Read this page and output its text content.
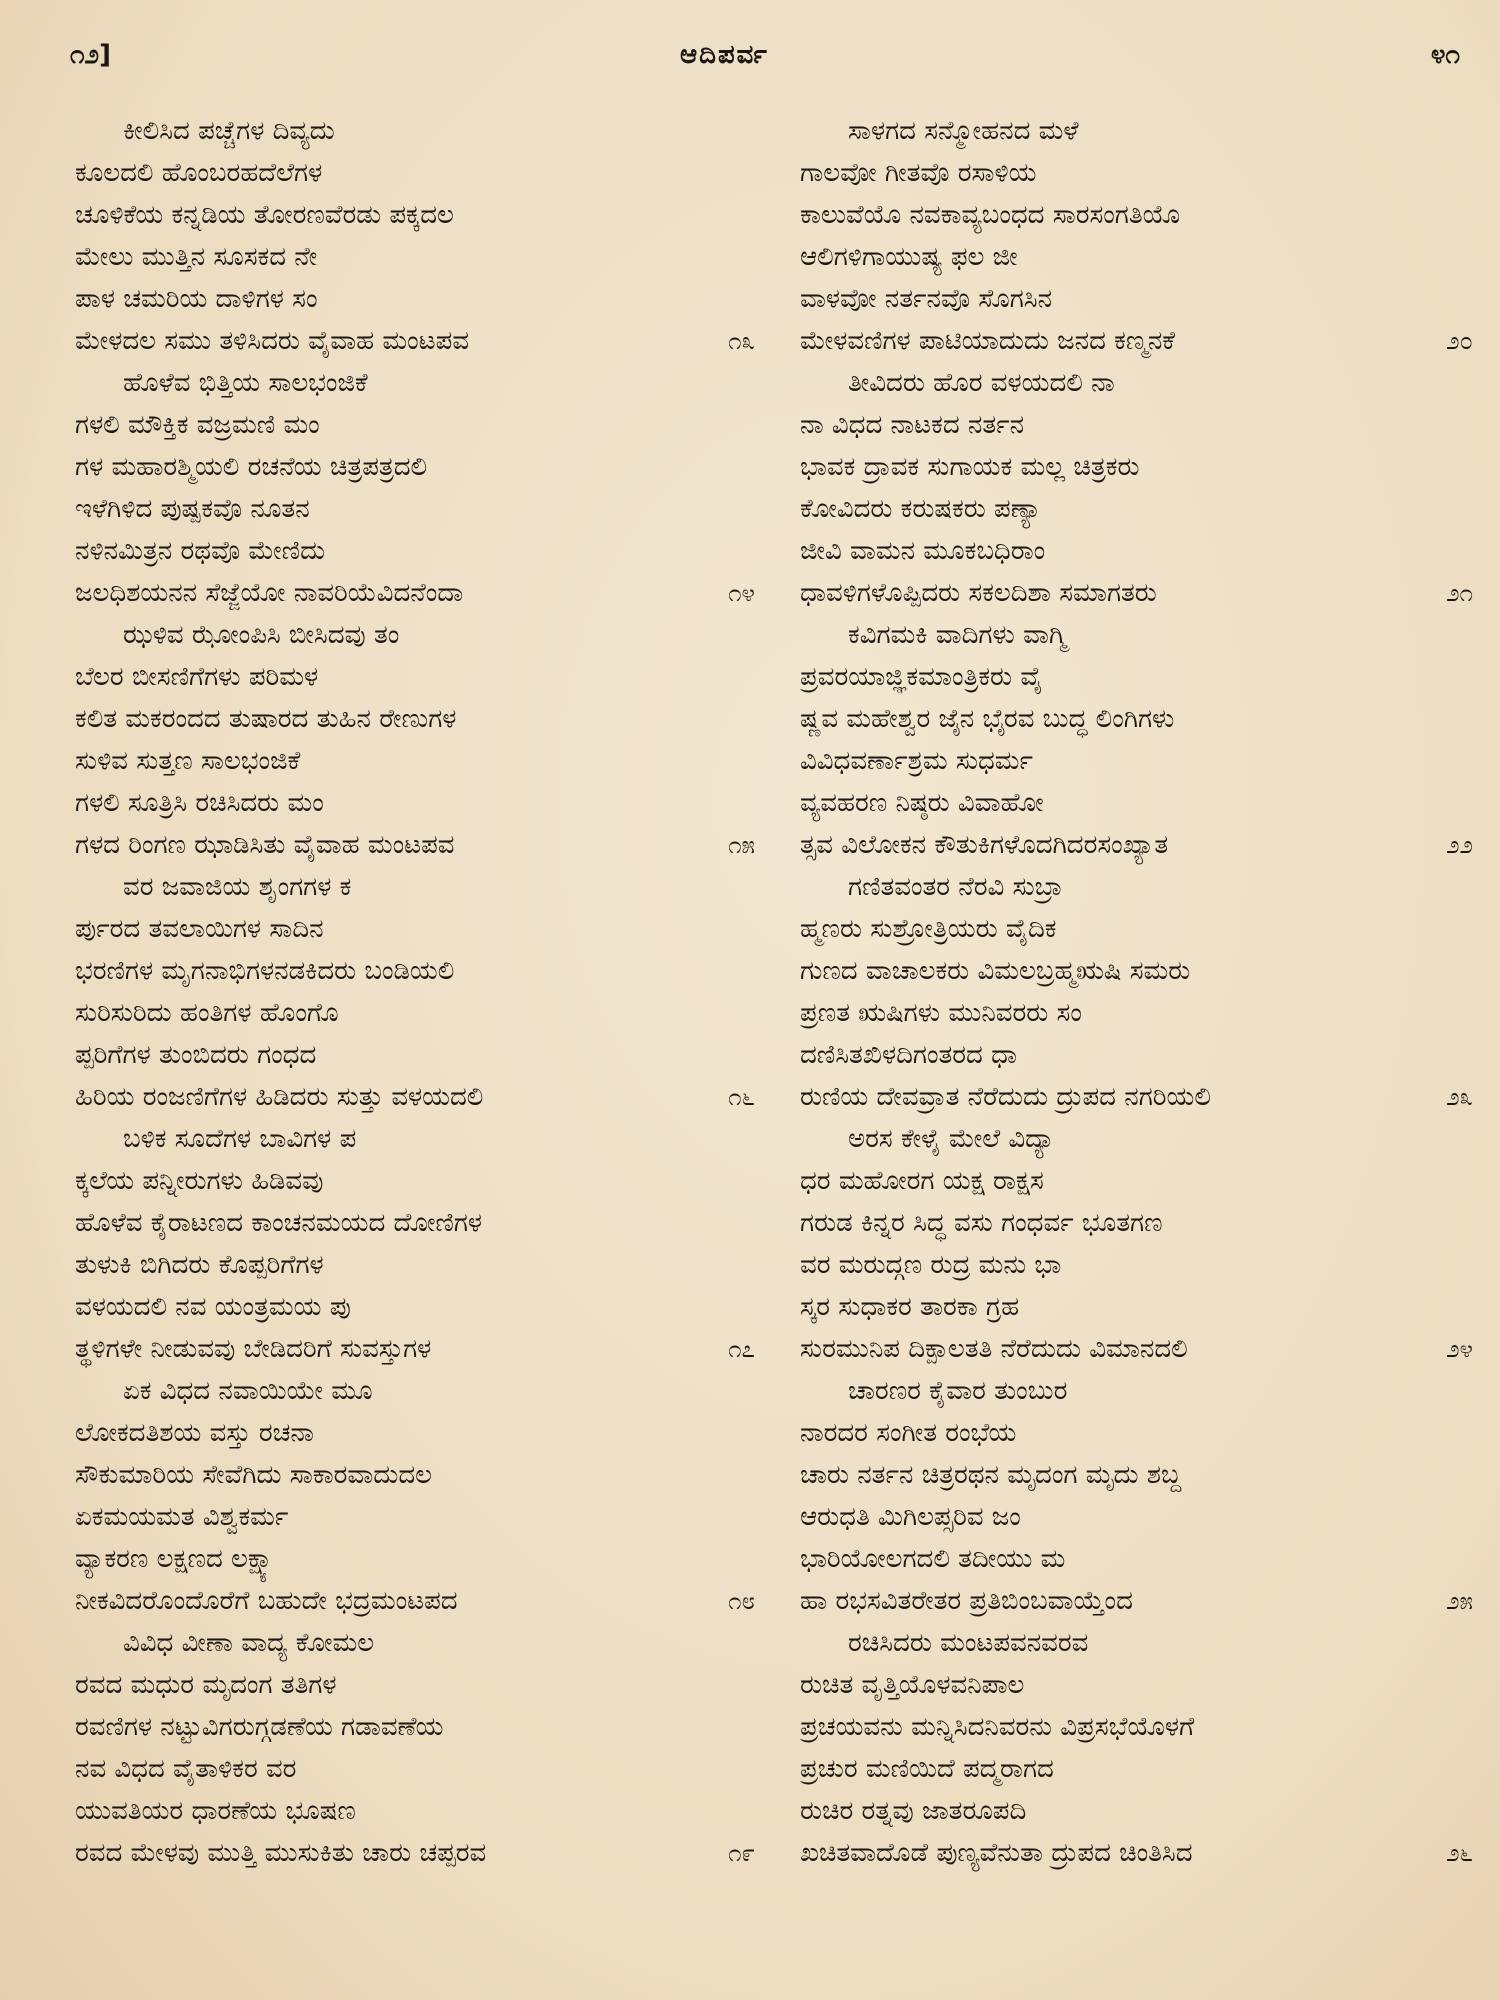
೧೨]	ಆದಿಪರ್ವ	೪೧
ಕೀಲಿಸಿದ ಪಚ್ಚೆಗಳ ದಿವ್ಯದು
ಕೂಲದಲಿ ಹೊಂಬರಹದೆಲೆಗಳ
ಚೂಳಿಕೆಯ ಕನ್ನಡಿಯ ತೋರಣವೆರಡು ಪಕ್ಕದಲ
ಮೇಲು ಮುತ್ತಿನ ಸೂಸಕದ ನೇ
ಪಾಳ ಚಮರಿಯ ದಾಳಿಗಳ ಸಂ
ಮೇಳದಲ ಸಮು ತಳಿಸಿದರು ವೈವಾಹ ಮಂಟಪವ	೧೩
ಹೊಳೆವ ಭಿತ್ತಿಯ ಸಾಲಭಂಜಿಕೆ
ಗಳಲಿ ಮೌಕ್ತಿಕ ವಜ್ರಮಣಿ ಮಂ
ಗಳ ಮಹಾರಶ್ಮಿಯಲಿ ರಚನೆಯ ಚಿತ್ರಪತ್ರದಲಿ
ಇಳೆಗಿಳಿದ ಪುಷ್ಪಕವೊ ನೂತನ
ನಳಿನಮಿತ್ರನ ರಥವೊ ಮೇಣಿದು
ಜಲಧಿಶಯನನ ಸೆಜ್ಜೆಯೋ ನಾವರಿಯೆವಿದನೆಂದಾ	೧೪
ಝಳಿವ ಝೋಂಪಿಸಿ ಬೀಸಿದವು ತಂ
ಬೆಲರ ಬೀಸಣಿಗೆಗಳು ಪರಿಮಳ
ಕಲಿತ ಮಕರಂದದ ತುಷಾರದ ತುಹಿನ ರೇಣುಗಳ
ಸುಳಿವ ಸುತ್ತಣ ಸಾಲಭಂಜಿಕೆ
ಗಳಲಿ ಸೂತ್ರಿಸಿ ರಚಿಸಿದರು ಮಂ
ಗಳದ ರಿಂಗಣ ಝಾಡಿಸಿತು ವೈವಾಹ ಮಂಟಪವ	೧೫
ವರ ಜವಾಜಿಯ ಶೃಂಗಗಳ ಕ
ರ್ಪುರದ ತವಲಾಯಿಗಳ ಸಾದಿನ
ಭರಣಿಗಳ ಮೃಗನಾಭಿಗಳನಡಕಿದರು ಬಂಡಿಯಲಿ
ಸುರಿಸುರಿದು ಹಂತಿಗಳ ಹೊಂಗೊ
ಪ್ಪರಿಗೆಗಳ ತುಂಬಿದರು ಗಂಧದ
ಹಿರಿಯ ರಂಜಣಿಗೆಗಳ ಹಿಡಿದರು ಸುತ್ತು ವಳಯದಲಿ	೧೬
ಬಳಿಕ ಸೂದೆಗಳ ಬಾವಿಗಳ ಪ
ಕ್ಕಲೆಯ ಪನ್ನೀರುಗಳು ಹಿಡಿವವು
ಹೊಳೆವ ಕೈರಾಟಣದ ಕಾಂಚನಮಯದ ದೋಣಿಗಳ
ತುಳುಕಿ ಬಿಗಿದರು ಕೊಪ್ಪರಿಗೆಗಳ
ವಳಯದಲಿ ನವ ಯಂತ್ರಮಯ ಪು
ತ್ಥಳಿಗಳೇ ನೀಡುವವು ಬೇಡಿದರಿಗೆ ಸುವಸ್ತುಗಳ	೧೭
ಏಕ ವಿಧದ ನವಾಯಿಯೇ ಮೂ
ಲೋಕದತಿಶಯ ವಸ್ತು ರಚನಾ
ಸೌಕುಮಾರಿಯ ಸೇವೆಗಿದು ಸಾಕಾರವಾದುದಲ
ಏಕಮಯಮತ ವಿಶ್ವಕರ್ಮ
ವ್ಯಾಕರಣ ಲಕ್ಷಣದ ಲಕ್ಷ್ಯಾ
ನೀಕವಿದರೊಂದೊರೆಗೆ ಬಹುದೇ ಭದ್ರಮಂಟಪದ	೧೮
ವಿವಿಧ ವೀಣಾ ವಾದ್ಯ ಕೋಮಲ
ರವದ ಮಧುರ ಮೃದಂಗ ತತಿಗಳ
ರವಣಿಗಳ ನಟ್ಟುವಿಗರುಗ್ಗಡಣೆಯ ಗಡಾವಣೆಯ
ನವ ವಿಧದ ವೈತಾಳಿಕರ ವರ
ಯುವತಿಯರ ಧಾರಣೆಯ ಭೂಷಣ
ರವದ ಮೇಳವು ಮುತ್ತಿ ಮುಸುಕಿತು ಚಾರು ಚಪ್ಪರವ	೧೯
ಸಾಳಗದ ಸನ್ಮೋಹನದ ಮಳೆ
ಗಾಲವೋ ಗೀತವೊ ರಸಾಳಿಯ
ಕಾಲುವೆಯೊ ನವಕಾವ್ಯಬಂಧದ ಸಾರಸಂಗತಿಯೊ
ಆಲಿಗಳಿಗಾಯುಷ್ಯ ಫಲ ಜೀ
ವಾಳವೋ ನರ್ತನವೊ ಸೊಗಸಿನ
ಮೇಳವಣಿಗಳ ಪಾಟಿಯಾದುದು ಜನದ ಕಣ್ಮನಕೆ	೨೦
ತೀವಿದರು ಹೊರ ವಳಯದಲಿ ನಾ
ನಾ ವಿಧದ ನಾಟಕದ ನರ್ತನ
ಭಾವಕ ದ್ರಾವಕ ಸುಗಾಯಕ ಮಲ್ಲ ಚಿತ್ರಕರು
ಕೋವಿದರು ಕರುಷಕರು ಪಣ್ಯಾ
ಜೀವಿ ವಾಮನ ಮೂಕಬಧಿರಾಂ
ಧಾವಳಿಗಳೊಪ್ಪಿದರು ಸಕಲದಿಶಾ ಸಮಾಗತರು	೨೧
ಕವಿಗಮಕಿ ವಾದಿಗಳು ವಾಗ್ಮಿ
ಪ್ರವರಯಾಜ್ಞಿಕಮಾಂತ್ರಿಕರು ವೈ
ಷ್ಣವ ಮಹೇಶ್ವರ ಜೈನ ಭೈರವ ಬುದ್ಧ ಲಿಂಗಿಗಳು
ವಿವಿಧವರ್ಣಾಶ್ರಮ ಸುಧರ್ಮ
ವ್ಯವಹರಣ ನಿಷ್ಠರು ವಿವಾಹೋ
ತ್ಸವ ವಿಲೋಕನ ಕೌತುಕಿಗಳೊದಗಿದರಸಂಖ್ಯಾತ	೨೨
ಗಣಿತವಂತರ ನೆರವಿ ಸುಬ್ರಾ
ಹ್ಮಣರು ಸುಶ್ರೋತ್ರಿಯರು ವೈದಿಕ
ಗುಣದ ವಾಚಾಲಕರು ವಿಮಲಬ್ರಹ್ಮಋಷಿ ಸಮರು
ಪ್ರಣತ ಋಷಿಗಳು ಮುನಿವರರು ಸಂ
ದಣಿಸಿತಖಿಳದಿಗಂತರದ ಧಾ
ರುಣಿಯ ದೇವವ್ರಾತ ನೆರೆದುದು ದ್ರುಪದ ನಗರಿಯಲಿ	೨೩
ಅರಸ ಕೇಳೈ ಮೇಲೆ ವಿದ್ಯಾ
ಧರ ಮಹೋರಗ ಯಕ್ಷ ರಾಕ್ಷಸ
ಗರುಡ ಕಿನ್ನರ ಸಿದ್ಧ ವಸು ಗಂಧರ್ವ ಭೂತಗಣ
ವರ ಮರುದ್ಗಣ ರುದ್ರ ಮನು ಭಾ
ಸ್ಕರ ಸುಧಾಕರ ತಾರಕಾ ಗ್ರಹ
ಸುರಮುನಿಪ ದಿಕ್ಪಾಲತತಿ ನೆರೆದುದು ವಿಮಾನದಲಿ	೨೪
ಚಾರಣರ ಕೈವಾರ ತುಂಬುರ
ನಾರದರ ಸಂಗೀತ ರಂಭೆಯ
ಚಾರು ನರ್ತನ ಚಿತ್ರರಥನ ಮೃದಂಗ ಮೃದು ಶಬ್ದ
ಆರುಧತಿ ಮಿಗಿಲಪ್ಸರಿವ ಜಂ
ಭಾರಿಯೋಲಗದಲಿ ತದೀಯು ಮ
ಹಾ ರಭಸವಿತರೇತರ ಪ್ರತಿಬಿಂಬವಾಯ್ತೆಂದ	೨೫
ರಚಿಸಿದರು ಮಂಟಪವನವರವ
ರುಚಿತ ವೃತ್ತಿಯೊಳವನಿಪಾಲ
ಪ್ರಚಯವನು ಮನ್ನಿಸಿದನಿವರನು ವಿಪ್ರಸಭೆಯೊಳಗೆ
ಪ್ರಚುರ ಮಣಿಯಿದೆ ಪದ್ಮರಾಗದ
ರುಚಿರ ರತ್ನವು ಜಾತರೂಪದಿ
ಖಚಿತವಾದೊಡೆ ಪುಣ್ಯವೆನುತಾ ದ್ರುಪದ ಚಿಂತಿಸಿದ	೨೬
